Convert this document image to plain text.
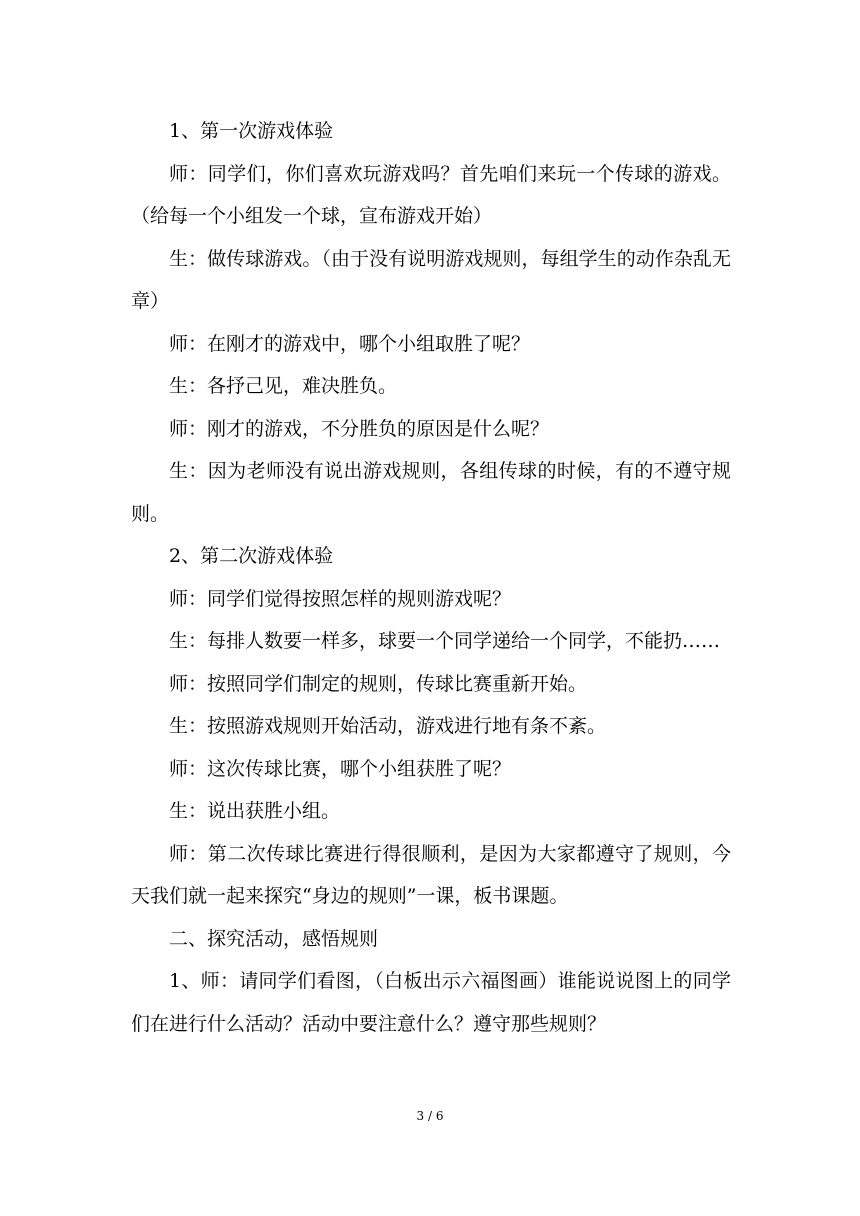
1、第一次游戏体验

师：同学们，你们喜欢玩游戏吗？首先咱们来玩一个传球的游戏。（给每一个小组发一个球，宣布游戏开始）

生：做传球游戏。（由于没有说明游戏规则，每组学生的动作杂乱无章）

师：在刚才的游戏中，哪个小组取胜了呢？

生：各抒己见，难决胜负。

师：刚才的游戏，不分胜负的原因是什么呢？

生：因为老师没有说出游戏规则，各组传球的时候，有的不遵守规则。

2、第二次游戏体验

师：同学们觉得按照怎样的规则游戏呢？

生：每排人数要一样多，球要一个同学递给一个同学，不能扔……

师：按照同学们制定的规则，传球比赛重新开始。

生：按照游戏规则开始活动，游戏进行地有条不紊。

师：这次传球比赛，哪个小组获胜了呢？

生：说出获胜小组。

师：第二次传球比赛进行得很顺利，是因为大家都遵守了规则，今天我们就一起来探究“身边的规则”一课，板书课题。

二、探究活动，感悟规则

1、师：请同学们看图，（白板出示六福图画）谁能说说图上的同学们在进行什么活动？活动中要注意什么？遵守那些规则？

3 / 6
